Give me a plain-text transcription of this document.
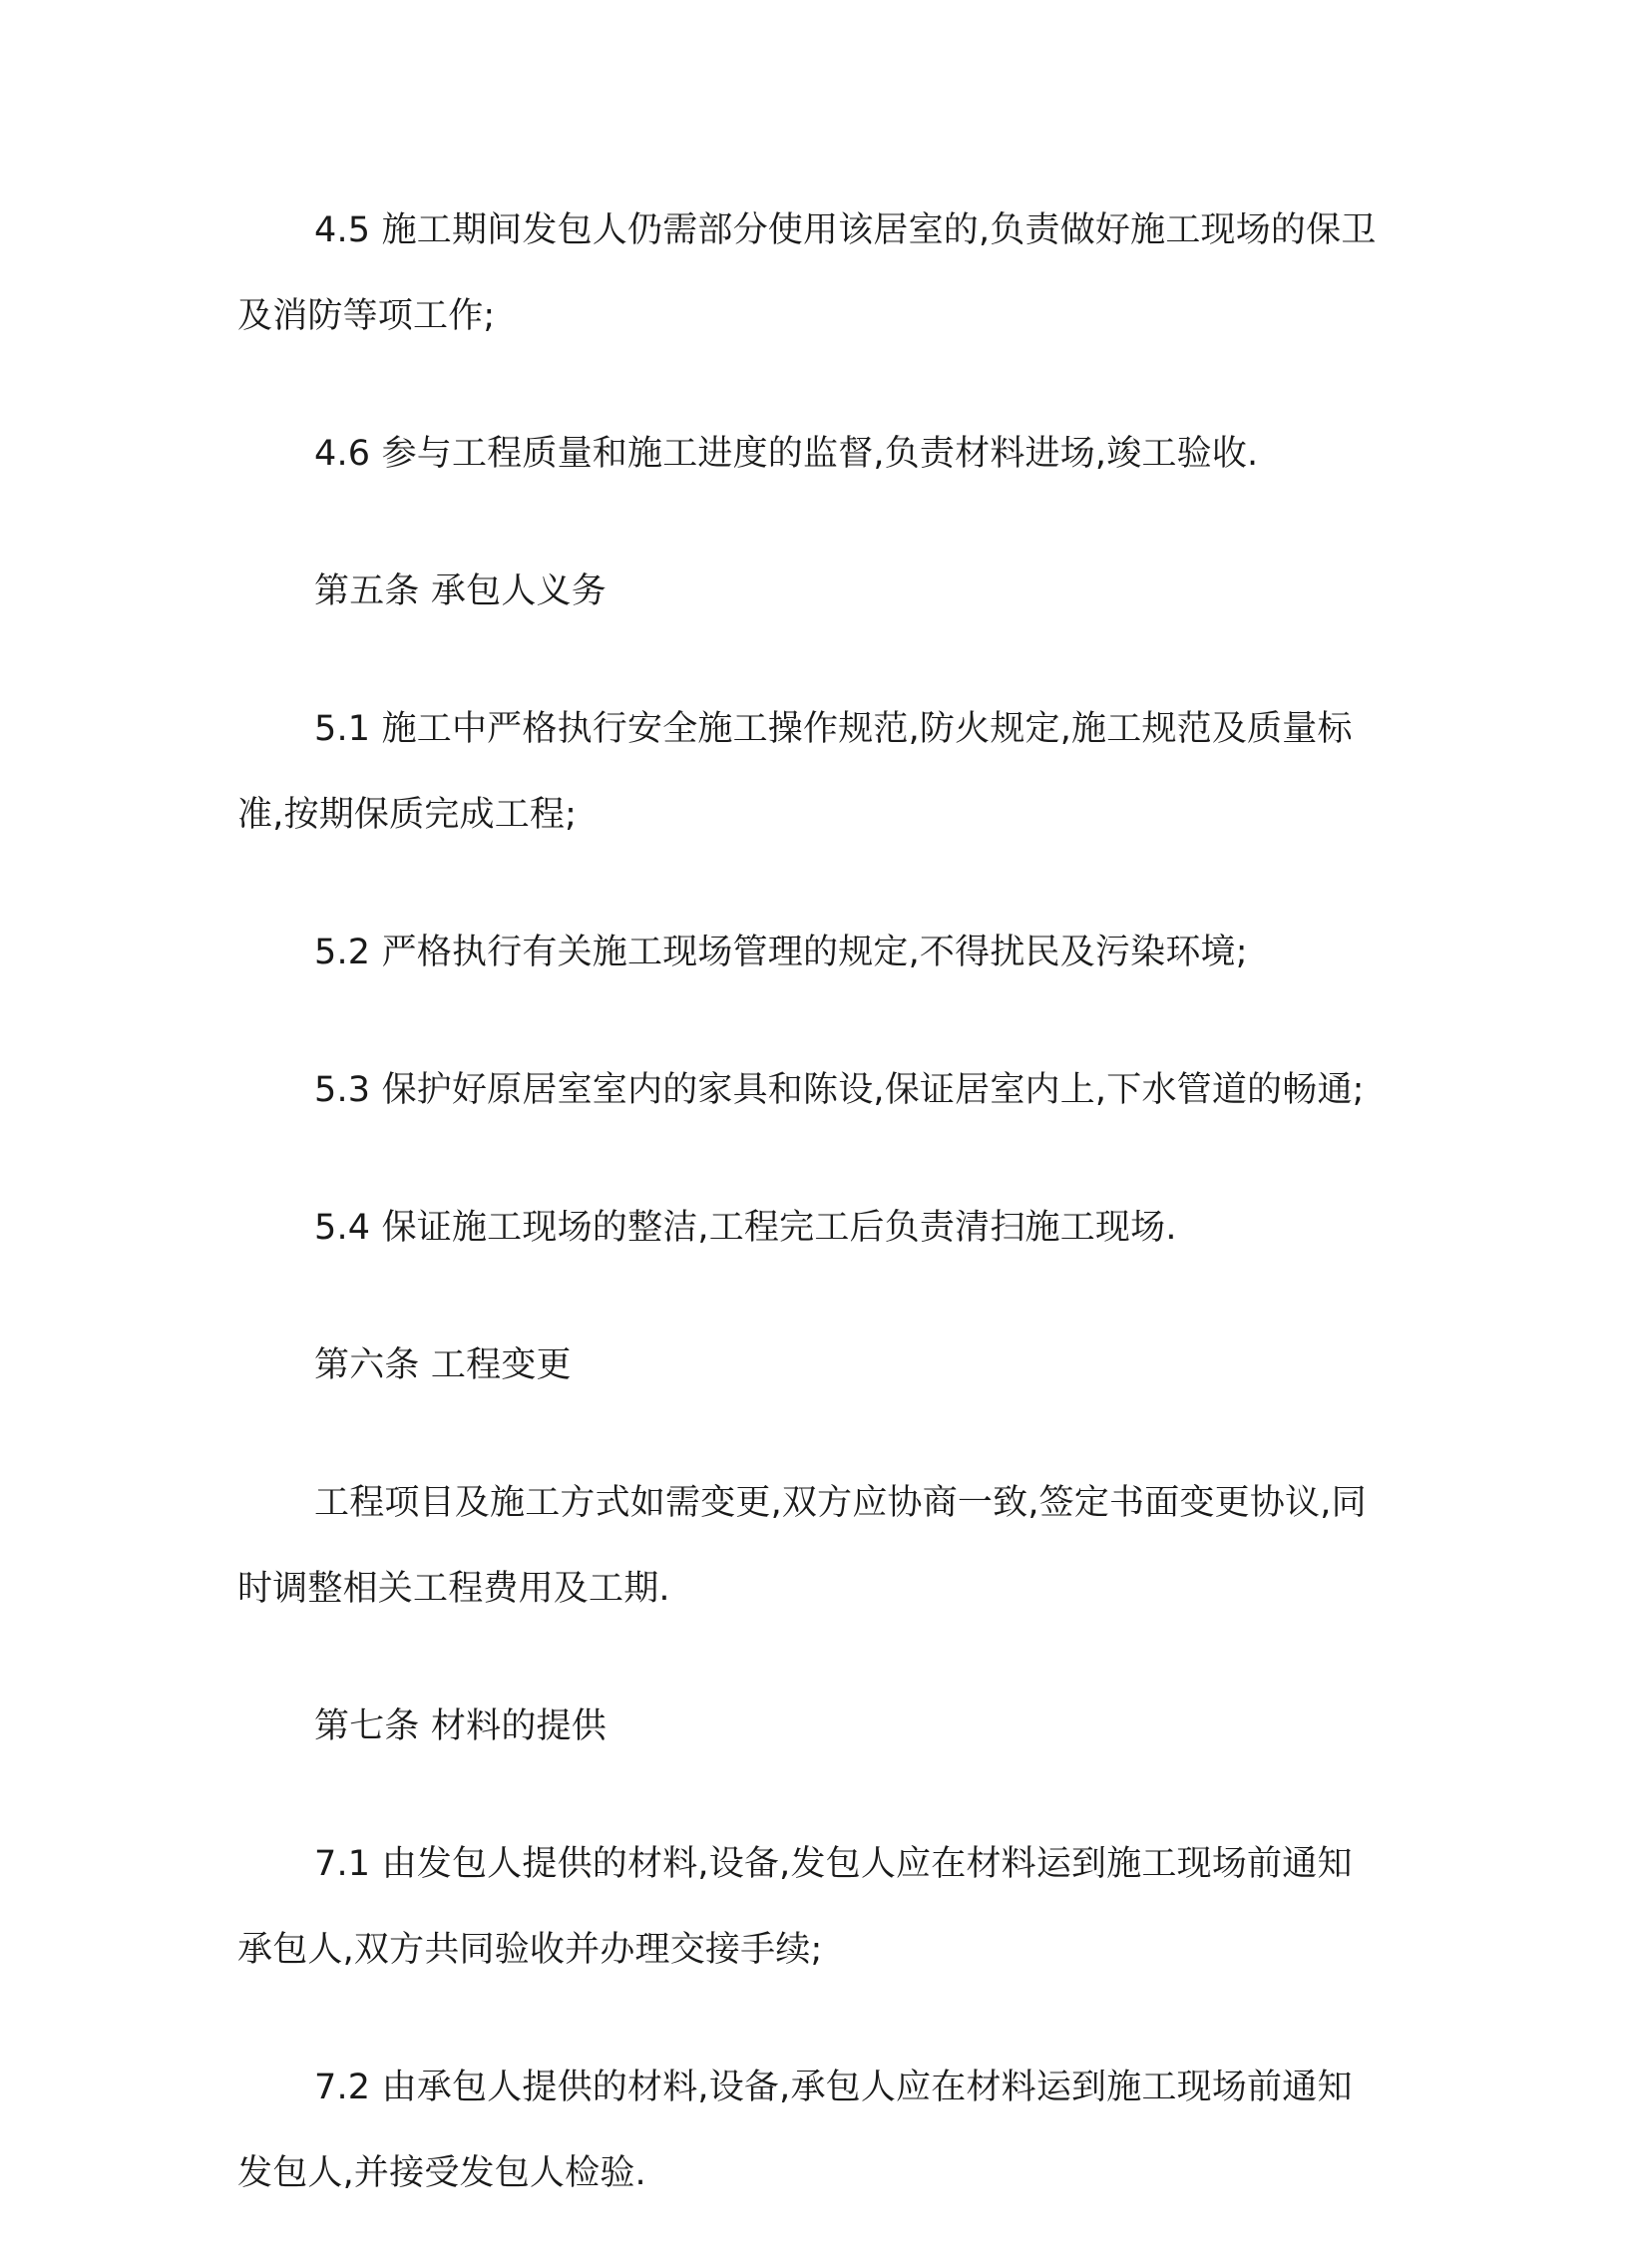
4.5 施工期间发包人仍需部分使用该居室的,负责做好施工现场的保卫及消防等项工作;

4.6 参与工程质量和施工进度的监督,负责材料进场,竣工验收.

第五条 承包人义务

5.1 施工中严格执行安全施工操作规范,防火规定,施工规范及质量标准,按期保质完成工程;

5.2 严格执行有关施工现场管理的规定,不得扰民及污染环境;

5.3 保护好原居室室内的家具和陈设,保证居室内上,下水管道的畅通;

5.4 保证施工现场的整洁,工程完工后负责清扫施工现场.

第六条 工程变更

工程项目及施工方式如需变更,双方应协商一致,签定书面变更协议,同时调整相关工程费用及工期.

第七条 材料的提供

7.1 由发包人提供的材料,设备,发包人应在材料运到施工现场前通知承包人,双方共同验收并办理交接手续;

7.2 由承包人提供的材料,设备,承包人应在材料运到施工现场前通知发包人,并接受发包人检验.
